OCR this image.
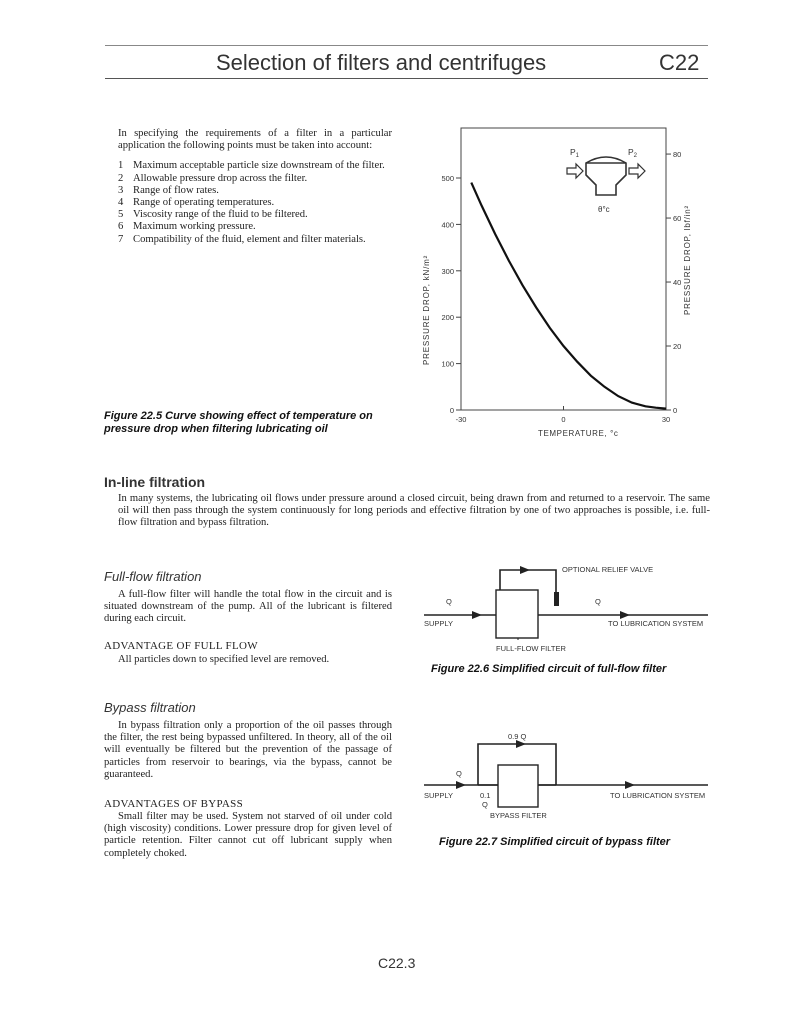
Selection of filters and centrifuges	C22
In specifying the requirements of a filter in a particular application the following points must be taken into account:
1 Maximum acceptable particle size downstream of the filter.
2 Allowable pressure drop across the filter.
3 Range of flow rates.
4 Range of operating temperatures.
5 Viscosity range of the fluid to be filtered.
6 Maximum working pressure.
7 Compatibility of the fluid, element and filter materials.
Figure 22.5 Curve showing effect of temperature on
pressure drop when filtering lubricating oil
0
100
200
300
400
500
0
20
40
60
80
-30	0	30
PRESSURE DROP, kN/m²	PRESSURE DROP, lbf/in²
TEMPERATURE, °c
$P_1$	$P_2$
θ°c
In-line filtration
In many systems, the lubricating oil flows under pressure around a closed circuit, being drawn from and returned to a reservoir. The same oil will then pass through the system continuously for long periods and effective filtration by one of two approaches is possible, i.e. full-flow filtration and bypass filtration.
Full-flow filtration
A full-flow filter will handle the total flow in the circuit and is situated downstream of the pump. All of the lubricant is filtered during each circuit.
ADVANTAGE OF FULL FLOW
All particles down to specified level are removed.
OPTIONAL RELIEF VALVE
Q	Q
SUPPLY	TO LUBRICATION SYSTEM
FULL-FLOW FILTER
Figure 22.6 Simplified circuit of full-flow filter
Bypass filtration
In bypass filtration only a proportion of the oil passes through the filter, the rest being bypassed unfiltered. In theory, all of the oil will eventually be filtered but the prevention of the passage of particles from reservoir to bearings, via the bypass, cannot be guaranteed.
ADVANTAGES OF BYPASS
Small filter may be used. System not starved of oil under cold (high viscosity) conditions. Lower pressure drop for given level of particle retention. Filter cannot cut off lubricant supply when completely choked.
0.9 Q
Q
0.1
Q
SUPPLY	TO LUBRICATION SYSTEM
BYPASS FILTER
Figure 22.7 Simplified circuit of bypass filter
C22.3
